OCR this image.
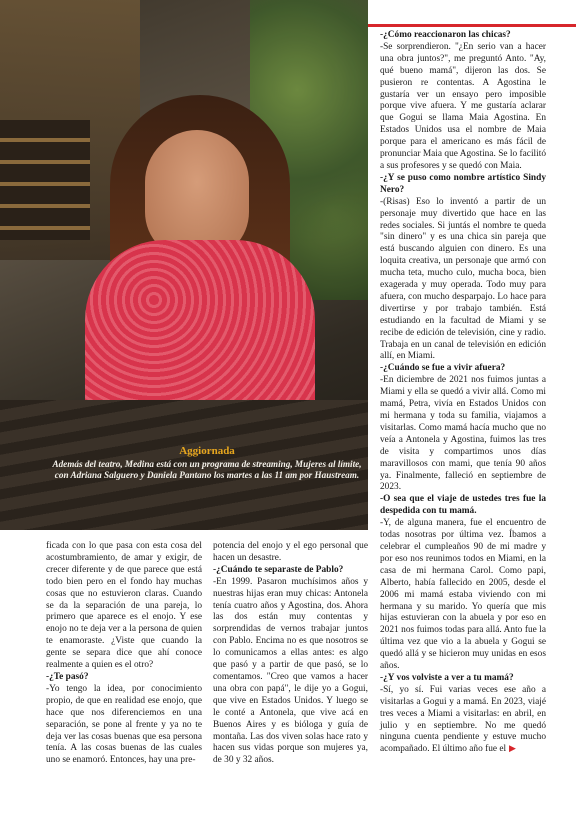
Aggiornada
Además del teatro, Medina está con un programa de streaming, Mujeres al límite, con Adriana Salguero y Daniela Pantano los martes a las 11 am por Haustream.

ficada con lo que pasa con esta cosa del acostumbramiento, de amar y exigir, de crecer diferente y de que parece que está todo bien pero en el fondo hay muchas cosas que no estuvieron claras. Cuando se da la separación de una pareja, lo primero que aparece es el enojo. Y ese enojo no te deja ver a la persona de quien te enamoraste. ¿Viste que cuando la gente se separa dice que ahí conoce realmente a quien es el otro?

-¿Te pasó?

-Yo tengo la idea, por conocimiento propio, de que en realidad ese enojo, que hace que nos diferenciemos en una separación, se pone al frente y ya no te deja ver las cosas buenas que esa persona tenía. A las cosas buenas de las cuales uno se enamoró. Entonces, hay una pre-

potencia del enojo y el ego personal que hacen un desastre.

-¿Cuándo te separaste de Pablo?

-En 1999. Pasaron muchísimos años y nuestras hijas eran muy chicas: Antonela tenía cuatro años y Agostina, dos. Ahora las dos están muy contentas y sorprendidas de vernos trabajar juntos con Pablo. Encima no es que nosotros se lo comunicamos a ellas antes: es algo que pasó y a partir de que pasó, se lo comentamos. "Creo que vamos a hacer una obra con papá", le dije yo a Gogui, que vive en Estados Unidos. Y luego se le conté a Antonela, que vive acá en Buenos Aires y es bióloga y guía de montaña. Las dos viven solas hace rato y hacen sus vidas porque son mujeres ya, de 30 y 32 años.

-¿Cómo reaccionaron las chicas?

-Se sorprendieron. "¿En serio van a hacer una obra juntos?", me preguntó Anto. "Ay, qué bueno mamá", dijeron las dos. Se pusieron re contentas. A Agostina le gustaría ver un ensayo pero imposible porque vive afuera. Y me gustaría aclarar que Gogui se llama Maia Agostina. En Estados Unidos usa el nombre de Maia porque para el americano es más fácil de pronunciar Maia que Agostina. Se lo facilitó a sus profesores y se quedó con Maia.

-¿Y se puso como nombre artístico Sindy Nero?

-(Risas) Eso lo inventó a partir de un personaje muy divertido que hace en las redes sociales. Si juntás el nombre te queda "sin dinero" y es una chica sin pareja que está buscando alguien con dinero. Es una loquita creativa, un personaje que armó con mucha teta, mucho culo, mucha boca, bien exagerada y muy operada. Todo muy para afuera, con mucho desparpajo. Lo hace para divertirse y por trabajo también. Está estudiando en la facultad de Miami y se recibe de edición de televisión, cine y radio. Trabaja en un canal de televisión en edición allí, en Miami.

-¿Cuándo se fue a vivir afuera?

-En diciembre de 2021 nos fuimos juntas a Miami y ella se quedó a vivir allá. Como mi mamá, Petra, vivía en Estados Unidos con mi hermana y toda su familia, viajamos a visitarlas. Como mamá hacía mucho que no veía a Antonela y Agostina, fuimos las tres de visita y compartimos unos días maravillosos con mami, que tenía 90 años ya. Finalmente, falleció en septiembre de 2023.

-O sea que el viaje de ustedes tres fue la despedida con tu mamá.

-Y, de alguna manera, fue el encuentro de todas nosotras por última vez. Íbamos a celebrar el cumpleaños 90 de mi madre y por eso nos reunimos todos en Miami, en la casa de mi hermana Carol. Como papi, Alberto, había fallecido en 2005, desde el 2006 mi mamá estaba viviendo con mi hermana y su marido. Yo quería que mis hijas estuvieran con la abuela y por eso en 2021 nos fuimos todas para allá. Anto fue la última vez que vio a la abuela y Gogui se quedó allá y se hicieron muy unidas en esos años.

-¿Y vos volviste a ver a tu mamá?

-Sí, yo sí. Fui varias veces ese año a visitarlas a Gogui y a mamá. En 2023, viajé tres veces a Miami a visitarlas: en abril, en julio y en septiembre. No me quedó ninguna cuenta pendiente y estuve mucho acompañado. El último año fue el ▶
